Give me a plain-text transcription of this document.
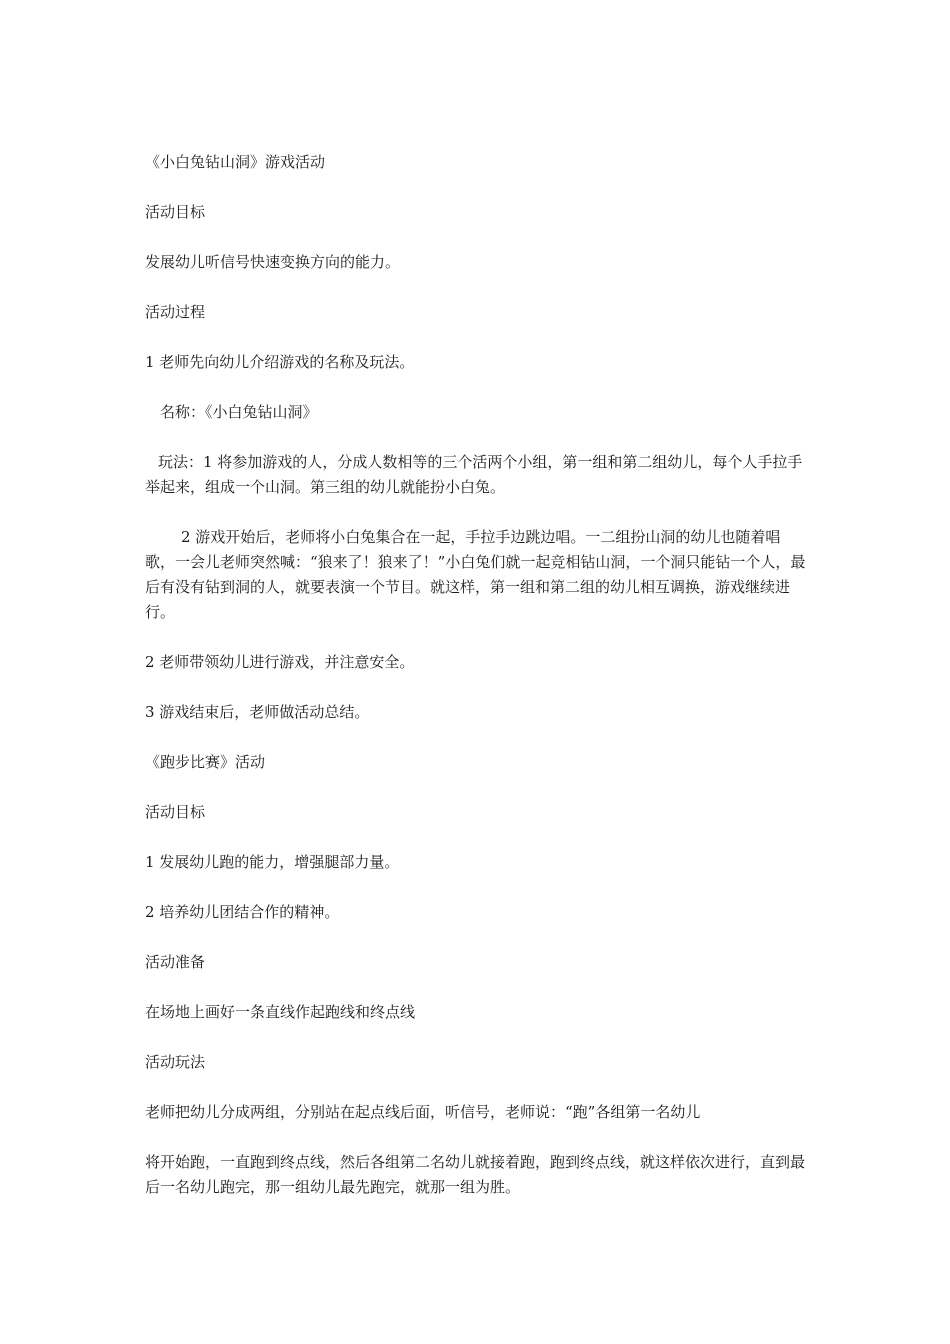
《小白兔钻山洞》游戏活动

活动目标

发展幼儿听信号快速变换方向的能力。

活动过程

1 老师先向幼儿介绍游戏的名称及玩法。

名称：《小白兔钻山洞》

玩法：1 将参加游戏的人，分成人数相等的三个活两个小组，第一组和第二组幼儿，每个人手拉手举起来，组成一个山洞。第三组的幼儿就能扮小白兔。

2 游戏开始后，老师将小白兔集合在一起，手拉手边跳边唱。一二组扮山洞的幼儿也随着唱歌，一会儿老师突然喊：“狼来了！狼来了！”小白兔们就一起竞相钻山洞，一个洞只能钻一个人，最后有没有钻到洞的人，就要表演一个节目。就这样，第一组和第二组的幼儿相互调换，游戏继续进行。

2 老师带领幼儿进行游戏，并注意安全。

3 游戏结束后，老师做活动总结。

《跑步比赛》活动

活动目标

1 发展幼儿跑的能力，增强腿部力量。

2 培养幼儿团结合作的精神。

活动准备

在场地上画好一条直线作起跑线和终点线

活动玩法

老师把幼儿分成两组，分别站在起点线后面，听信号，老师说：“跑”各组第一名幼儿

将开始跑，一直跑到终点线，然后各组第二名幼儿就接着跑，跑到终点线，就这样依次进行，直到最后一名幼儿跑完，那一组幼儿最先跑完，就那一组为胜。
